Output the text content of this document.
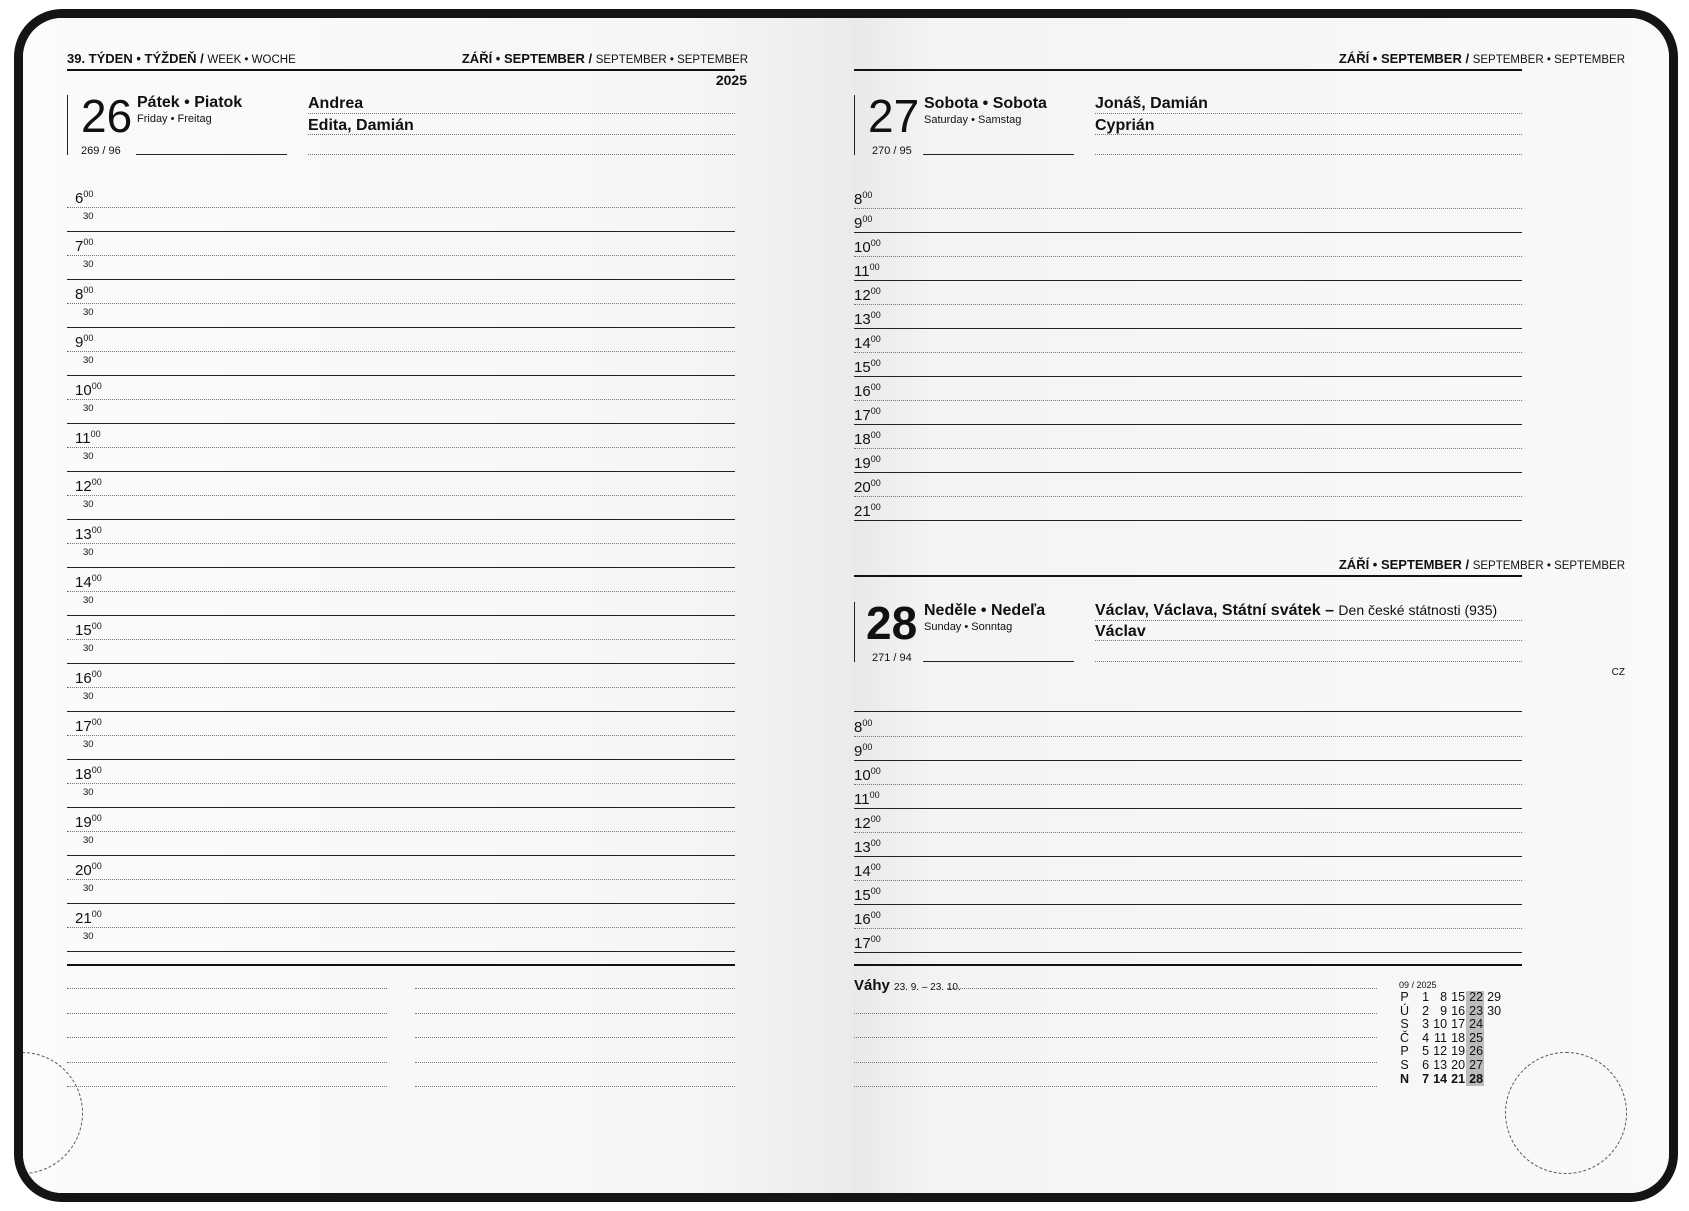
39. TÝDEN • TÝŽDEŇ / WEEK • WOCHE	ZÁŘÍ • SEPTEMBER / SEPTEMBER • SEPTEMBER
2025
26 Pátek • Piatok
Friday • Freitag
269 / 96
Andrea
Edita, Damián
$6^{00}$
30
$7^{00}$
30
$8^{00}$
30
$9^{00}$
30
$10^{00}$
30
$11^{00}$
30
$12^{00}$
30
$13^{00}$
30
$14^{00}$
30
$15^{00}$
30
$16^{00}$
30
$17^{00}$
30
$18^{00}$
30
$19^{00}$
30
$20^{00}$
30
$21^{00}$
30
ZÁŘÍ • SEPTEMBER / SEPTEMBER • SEPTEMBER
27 Sobota • Sobota
Saturday • Samstag
270 / 95
Jonáš, Damián
Cyprián
$8^{00}$
$9^{00}$
$10^{00}$
$11^{00}$
$12^{00}$
$13^{00}$
$14^{00}$
$15^{00}$
$16^{00}$
$17^{00}$
$18^{00}$
$19^{00}$
$20^{00}$
$21^{00}$
ZÁŘÍ • SEPTEMBER / SEPTEMBER • SEPTEMBER
28 Neděle • Nedeľa
Sunday • Sonntag
271 / 94
Václav, Václava, Státní svátek – Den české státnosti (935)
Václav
CZ
$8^{00}$
$9^{00}$
$10^{00}$
$11^{00}$
$12^{00}$
$13^{00}$
$14^{00}$
$15^{00}$
$16^{00}$
$17^{00}$
Váhy 23. 9. – 23. 10.	09 / 2025
P	1	8	15	22	29
Ú	2	9	16	23	30
S	3	10	17	24	
Č	4	11	18	25	
P	5	12	19	26	
S	6	13	20	27	
N	7	14	21	28	
